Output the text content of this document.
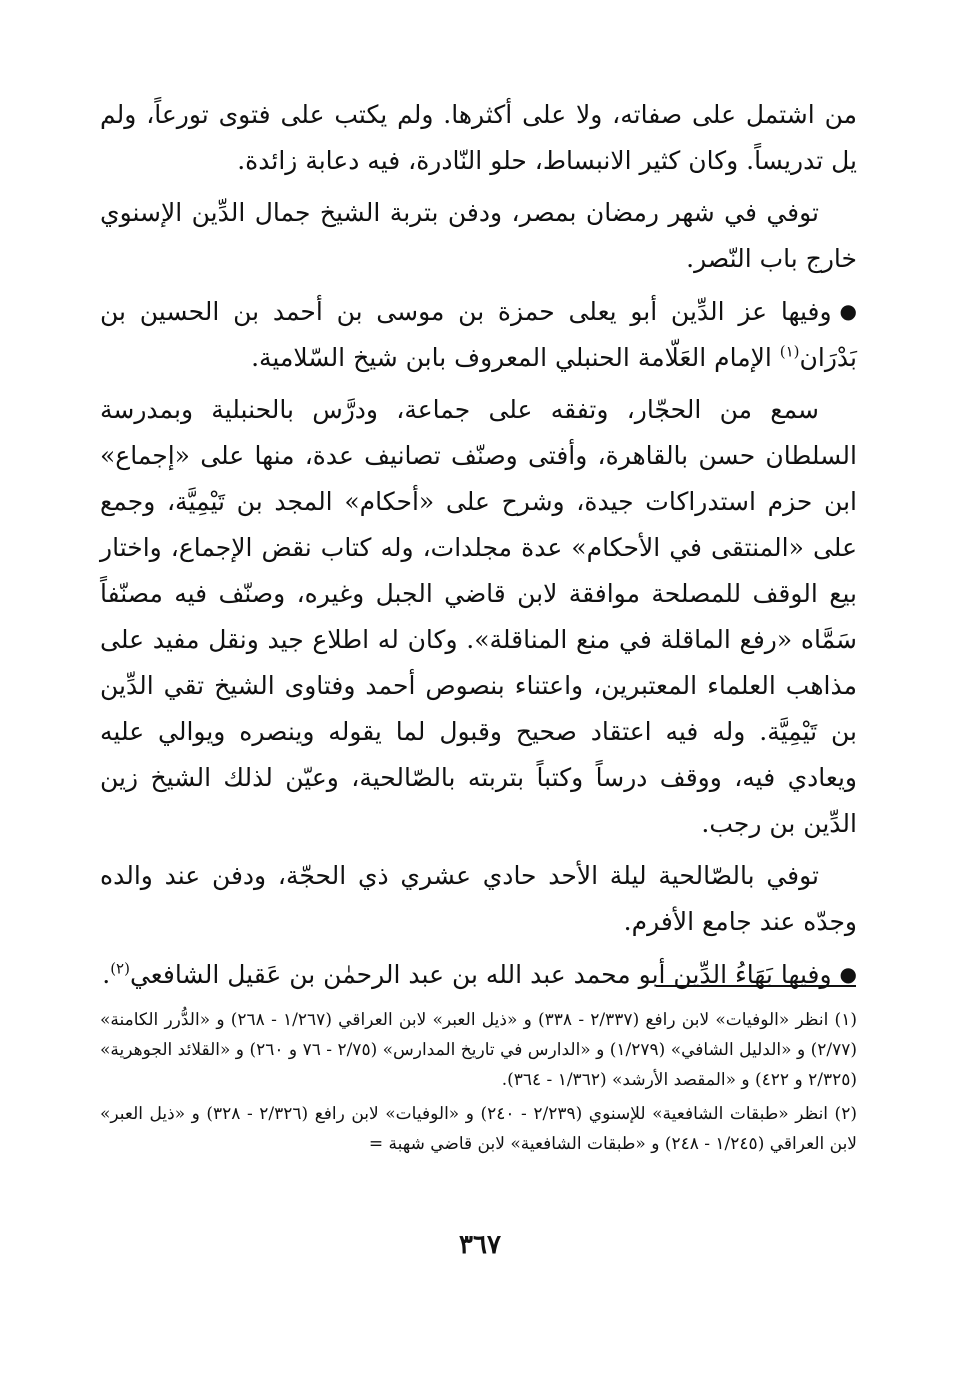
من اشتمل على صفاته، ولا على أكثرها. ولم يكتب على فتوى تورعاً، ولم يل تدريساً. وكان كثير الانبساط، حلو النّادرة، فيه دعابة زائدة.

توفي في شهر رمضان بمصر، ودفن بتربة الشيخ جمال الدِّين الإسنوي خارج باب النّصر.

●وفيها عز الدِّين أبو يعلى حمزة بن موسى بن أحمد بن الحسين بن بَدْرَان$^{(١)}$ الإمام العَلّامة الحنبلي المعروف بابن شيخ السّلامية.

سمع من الحجّار، وتفقه على جماعة، ودرَّس بالحنبلية وبمدرسة السلطان حسن بالقاهرة، وأفتى وصنّف تصانيف عدة، منها على «إجماع» ابن حزم استدراكات جيدة، وشرح على «أحكام» المجد بن تَيْمِيَّة، وجمع على «المنتقى في الأحكام» عدة مجلدات، وله كتاب نقض الإجماع، واختار بيع الوقف للمصلحة موافقة لابن قاضي الجبل وغيره، وصنّف فيه مصنّفاً سَمَّاه «رفع الماقلة في منع المناقلة». وكان له اطلاع جيد ونقل مفيد على مذاهب العلماء المعتبرين، واعتناء بنصوص أحمد وفتاوى الشيخ تقي الدِّين بن تَيْمِيَّة. وله فيه اعتقاد صحيح وقبول لما يقوله وينصره ويوالي عليه ويعادي فيه، ووقف درساً وكتباً بتربته بالصّالحية، وعيّن لذلك الشيخ زين الدِّين بن رجب.

توفي بالصّالحية ليلة الأحد حادي عشري ذي الحجّة، ودفن عند والده وجدّه عند جامع الأفرم.

●وفيها بَهَاءُ الدِّين أبو محمد عبد الله بن عبد الرحمٰن بن عَقيل الشافعي$^{(٢)}$.

(١) انظر «الوفيات» لابن رافع (٢/٣٣٧ - ٣٣٨) و «ذيل العبر» لابن العراقي (١/٢٦٧ - ٢٦٨) و «الدُّرر الكامنة» (٢/٧٧) و «الدليل الشافي» (١/٢٧٩) و «الدارس في تاريخ المدارس» (٢/٧٥ - ٧٦ و ٢٦٠) و «القلائد الجوهرية» (٢/٣٢٥ و ٤٢٢) و «المقصد الأرشد» (١/٣٦٢ - ٣٦٤).

(٢) انظر «طبقات الشافعية» للإسنوي (٢/٢٣٩ - ٢٤٠) و «الوفيات» لابن رافع (٢/٣٢٦ - ٣٢٨) و «ذيل العبر» لابن العراقي (١/٢٤٥ - ٢٤٨) و «طبقات الشافعية» لابن قاضي شهبة =

٣٦٧
